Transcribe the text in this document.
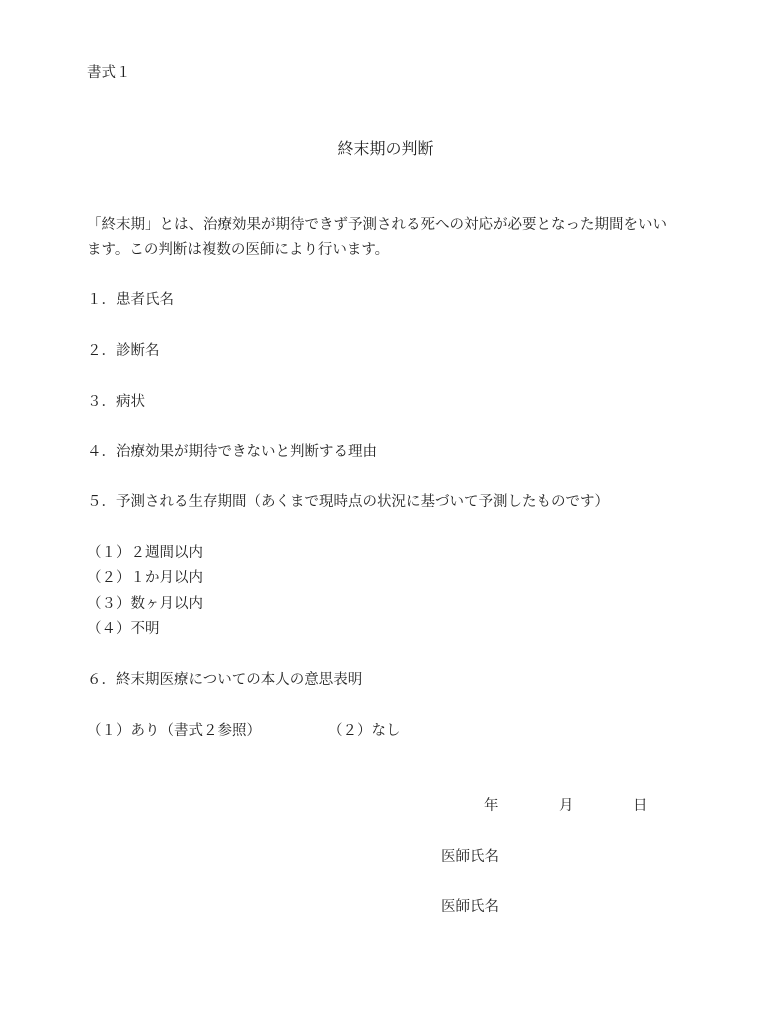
書式１
終末期の判断
「終末期」とは、治療効果が期待できず予測される死への対応が必要となった期間をいい
ます。この判断は複数の医師により行います。
１．患者氏名
２．診断名
３．病状
４．治療効果が期待できないと判断する理由
５．予測される生存期間（あくまで現時点の状況に基づいて予測したものです）
（１）２週間以内
（２）１か月以内
（３）数ヶ月以内
（４）不明
６．終末期医療についての本人の意思表明
（１）あり（書式２参照）	（２）なし
年	月	日
医師氏名
医師氏名
